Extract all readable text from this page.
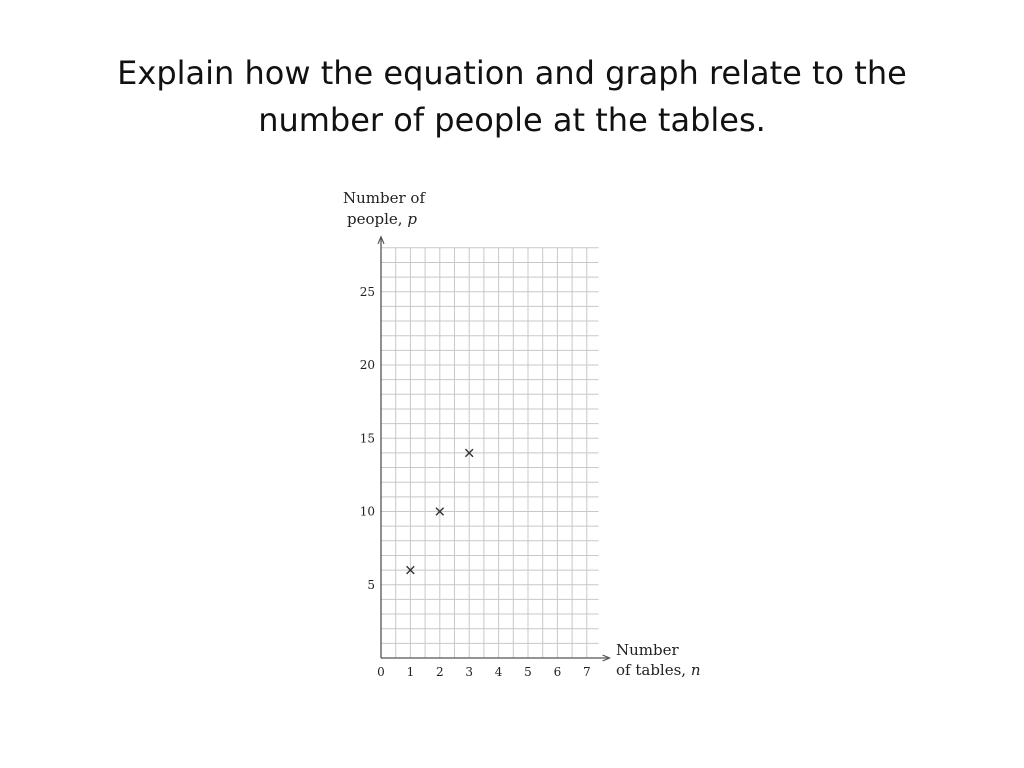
Explain how the equation and graph relate to the
number of people at the tables.
0 1 2 3 4 5 6 7
5
10
15
20
25
Number of
people, p
Number
of tables, n
